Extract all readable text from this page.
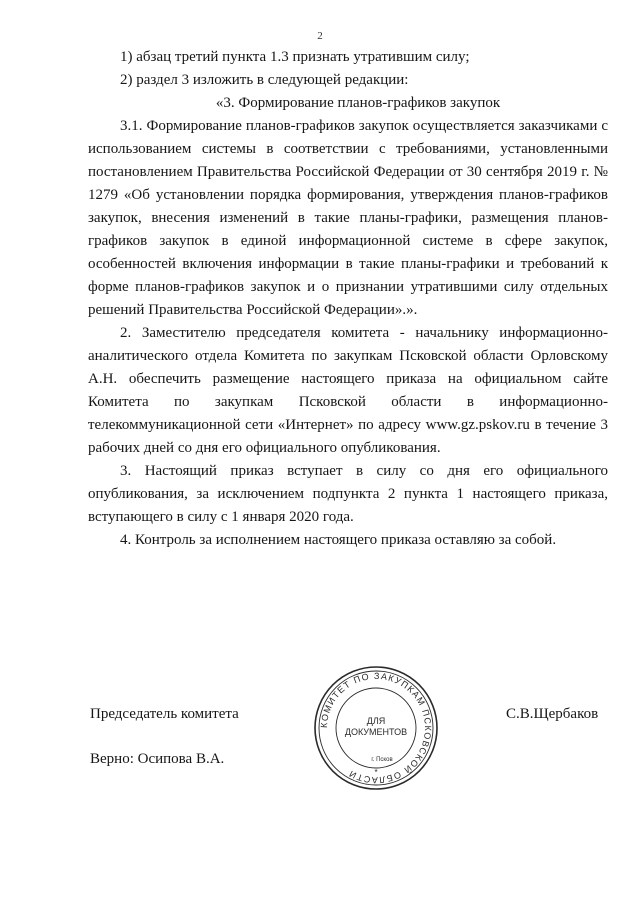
2

1) абзац третий пункта 1.3 признать утратившим силу;

2) раздел 3 изложить в следующей редакции:

«3. Формирование планов-графиков закупок

3.1. Формирование планов-графиков закупок осуществляется заказчиками с использованием системы в соответствии с требованиями, установленными постановлением Правительства Российской Федерации от 30 сентября 2019 г. № 1279 «Об установлении порядка формирования, утверждения планов-графиков закупок, внесения изменений в такие планы-графики, размещения планов-графиков закупок в единой информационной системе в сфере закупок, особенностей включения информации в такие планы-графики и требований к форме планов-графиков закупок и о признании утратившими силу отдельных решений Правительства Российской Федерации».».

2. Заместителю председателя комитета - начальнику информационно-аналитического отдела Комитета по закупкам Псковской области Орловскому А.Н. обеспечить размещение настоящего приказа на официальном сайте Комитета по закупкам Псковской области в информационно-телекоммуникационной сети «Интернет» по адресу www.gz.pskov.ru в течение 3 рабочих дней со дня его официального опубликования.

3. Настоящий приказ вступает в силу со дня его официального опубликования, за исключением подпункта 2 пункта 1 настоящего приказа, вступающего в силу с 1 января 2020 года.

4. Контроль за исполнением настоящего приказа оставляю за собой.

Председатель комитета	С.В.Щербаков
Верно: Осипова В.А.
КОМИТЕТ ПО ЗАКУПКАМ ПСКОВСКОЙ ОБЛАСТИ
ДЛЯ
ДОКУМЕНТОВ
г. Псков
*
